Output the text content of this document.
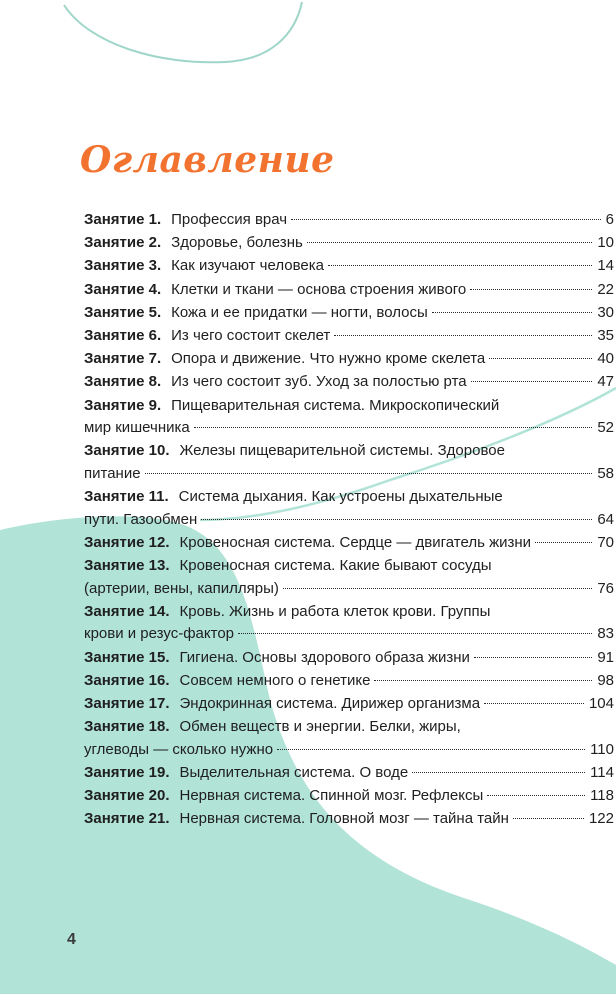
Оглавление
Занятие 1. Профессия врач	6
Занятие 2. Здоровье, болезнь	10
Занятие 3. Как изучают человека	14
Занятие 4. Клетки и ткани — основа строения живого	22
Занятие 5. Кожа и ее придатки — ногти, волосы	30
Занятие 6. Из чего состоит скелет	35
Занятие 7. Опора и движение. Что нужно кроме скелета	40
Занятие 8. Из чего состоит зуб. Уход за полостью рта	47
Занятие 9. Пищеварительная система. Микроскопический
мир кишечника	52
Занятие 10. Железы пищеварительной системы. Здоровое
питание	58
Занятие 11. Система дыхания. Как устроены дыхательные
пути. Газообмен	64
Занятие 12. Кровеносная система. Сердце — двигатель жизни	70
Занятие 13. Кровеносная система. Какие бывают сосуды
(артерии, вены, капилляры)	76
Занятие 14. Кровь. Жизнь и работа клеток крови. Группы
крови и резус-фактор	83
Занятие 15. Гигиена. Основы здорового образа жизни	91
Занятие 16. Совсем немного о генетике	98
Занятие 17. Эндокринная система. Дирижер организма	104
Занятие 18. Обмен веществ и энергии. Белки, жиры,
углеводы — сколько нужно	110
Занятие 19. Выделительная система. О воде	114
Занятие 20. Нервная система. Спинной мозг. Рефлексы	118
Занятие 21. Нервная система. Головной мозг — тайна тайн	122
4
